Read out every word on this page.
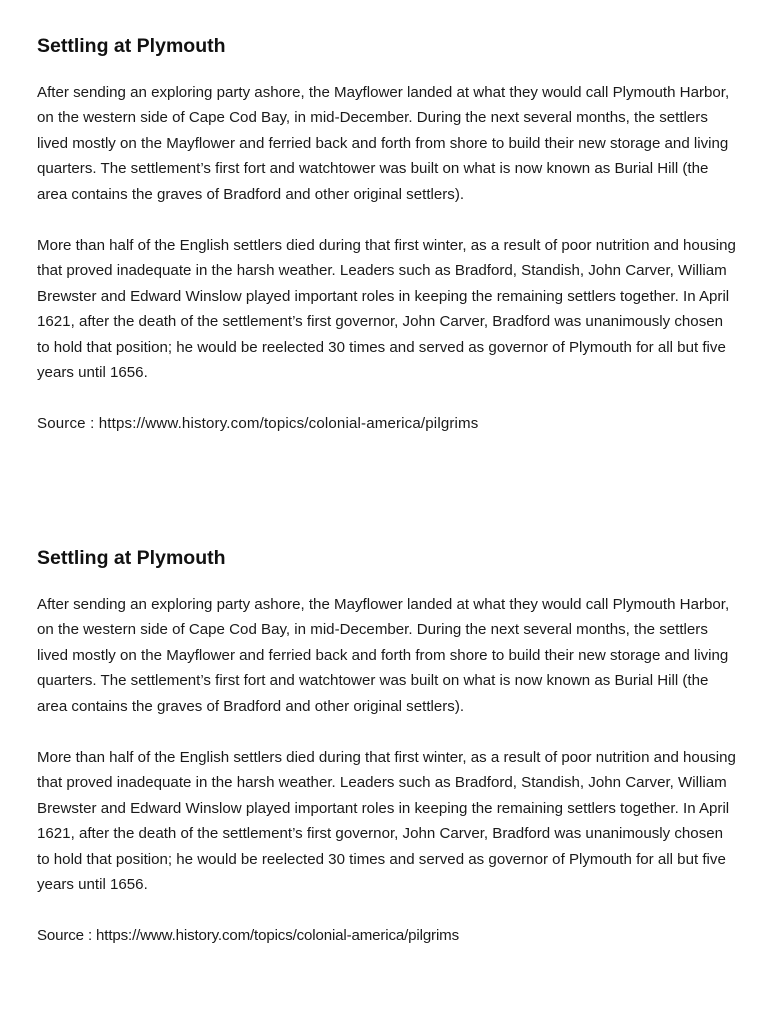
Settling at Plymouth

After sending an exploring party ashore, the Mayflower landed at what they would call Plymouth Harbor, on the western side of Cape Cod Bay, in mid-December. During the next several months, the settlers lived mostly on the Mayflower and ferried back and forth from shore to build their new storage and living quarters. The settlement’s first fort and watchtower was built on what is now known as Burial Hill (the area contains the graves of Bradford and other original settlers).

More than half of the English settlers died during that first winter, as a result of poor nutrition and housing that proved inadequate in the harsh weather. Leaders such as Bradford, Standish, John Carver, William Brewster and Edward Winslow played important roles in keeping the remaining settlers together. In April 1621, after the death of the settlement’s first governor, John Carver, Bradford was unanimously chosen to hold that position; he would be reelected 30 times and served as governor of Plymouth for all but five years until 1656.

Source : https://www.history.com/topics/colonial-america/pilgrims

Settling at Plymouth

After sending an exploring party ashore, the Mayflower landed at what they would call Plymouth Harbor, on the western side of Cape Cod Bay, in mid-December. During the next several months, the settlers lived mostly on the Mayflower and ferried back and forth from shore to build their new storage and living quarters. The settlement’s first fort and watchtower was built on what is now known as Burial Hill (the area contains the graves of Bradford and other original settlers).

More than half of the English settlers died during that first winter, as a result of poor nutrition and housing that proved inadequate in the harsh weather. Leaders such as Bradford, Standish, John Carver, William Brewster and Edward Winslow played important roles in keeping the remaining settlers together. In April 1621, after the death of the settlement’s first governor, John Carver, Bradford was unanimously chosen to hold that position; he would be reelected 30 times and served as governor of Plymouth for all but five years until 1656.

Source : https://www.history.com/topics/colonial-america/pilgrims
